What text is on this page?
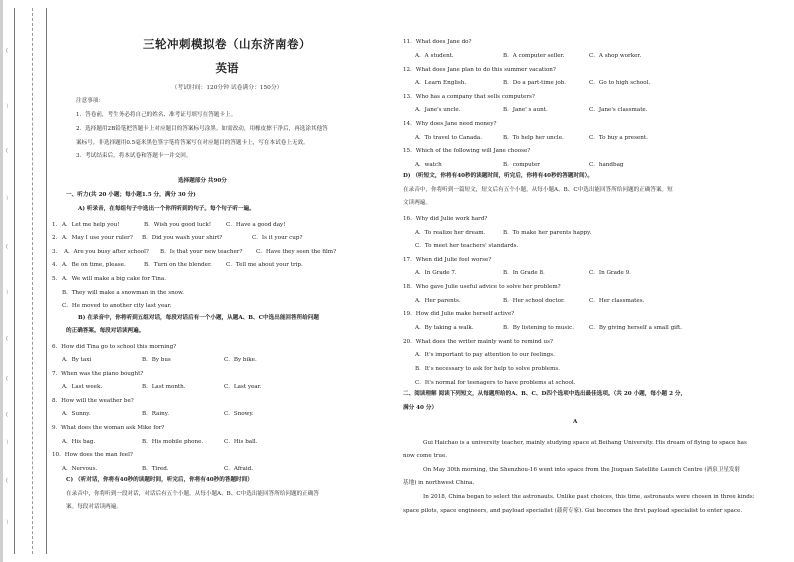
(
）
(
）
(
）
(
(
(
）
(
）
三轮冲刺模拟卷（山东济南卷）
英语
（考试时间：120分钟 试卷满分：150分）
注意事项：
1．答卷前，考生务必将自己的姓名、准考证号填写在答题卡上。
2．选择题用2B铅笔把答题卡上对应题目的答案标号涂黑。如需改动，用橡皮擦干净后，再选涂其他答
案标号。非选择题用0.5毫米黑色签字笔将答案写在对应题目的答题卡上，写在本试卷上无效。
3．考试结束后，将本试卷和答题卡一并交回。
选择题部分 共90分
一、听力(共 20 小题；每小题1.5 分，满分 30 分)
A) 听录音，在每组句子中选出一个你所听到的句子。每个句子听一遍。
1． A．Let me help you!	B．Wish you good luck!	C．Have a good day!
2． A．May I use your ruler? B．Did you wash your shirt?	C．Is it your cup?
3． A．Are you busy after school? B．Is that your new teacher? C．Have they seen the film?
4． A．Be on time, please.	B．Turn on the blender.	C．Tell me about your trip.
5． A．We will make a big cake for Tina.
B．They will make a snowman in the snow.
C．He moved to another city last year.
B) 在录音中，你将听到五组对话，每段对话后有一个小题，从题A、B、C中选出能回答所给问题
的正确答案。每段对话读两遍。
6．How did Tina go to school this morning?
A．By taxi	B．By bus	C．By bike.
7．When was the piano bought?
A．Last week.	B．Last month.	C．Last year.
8．How will the weather be?
A．Sunny.	B．Rainy.	C．Snowy.
9．What does the woman ask Mike for?
A．His bag.	B．His mobile phone.	C．His ball.
10．How does the man feel?
A．Nervous.	B．Tired.	C．Afraid.
C) （听对话，你将有40秒的读题时间，听完后，你将有40秒的答题时间）
在录音中，你将听到一段对话，对话后有五个小题，从每小题A、B、C中选出能回答所给问题的正确答
案。每段对话读两遍。
11．What does Jane do?
A．A student.	B．A computer seller.	C．A shop worker.
12．What does Jane plan to do this summer vacation?
A．Learn English.	B．Do a part-time job.	C．Go to high school.
13．Who has a company that sells computers?
A．Jane's uncle.	B．Jane' s aunt.	C．Jane's classmate.
14．Why does Jane need money?
A．To travel to Canada.	B．To help her uncle.	C．To buy a present.
15．Which of the following will Jane choose?
A．watch	B．computer	C．handbag
D) （听短文，你将有40秒的读题时间，听完后，你将有40秒的答题时间）。
在录音中，你将听到一篇短文，短文后有五个小题，从每小题A、B、C中选出能回答所给问题的正确答案。短
文读两遍。
16．Why did Julie work hard?
A．To realize her dream.	B．To make her parents happy.
C．To meet her teachers' standards.
17．When did Julie feel worse?
A．In Grade 7.	B．In Grade 8.	C．In Grade 9.
18．Who gave Julie useful advice to solve her problem?
A．Her parents.	B．Her school doctor.	C．Her classmates.
19．How did Julie make herself active?
A．By taking a walk.	B．By listening to music.	C．By giving herself a small gift.
20．What does the writer mainly want to remind us?
A．It's important to pay attention to our feelings.
B．It's necessary to ask for help to solve problems.
C．It's normal for teenagers to have problems at school.
二、阅读理解 阅读下列短文，从每题所给的A、B、C、D四个选项中选出最佳选项。（共 20 小题，每小题 2 分，
满分 40 分）
A
Gui Haichao is a university teacher, mainly studying space at Beihang University. His dream of flying to space has
now come true.
On May 30th morning, the Shenzhou-16 went into space from the Jiuquan Satellite Launch Centre (酒泉卫星发射
基地) in northwest China.
In 2018, China began to select the astronauts. Unlike past choices, this time, astronauts were chosen in three kinds:
space pilots, space engineers, and payload specialist (载荷专家). Gui becomes the first payload specialist to enter space.
